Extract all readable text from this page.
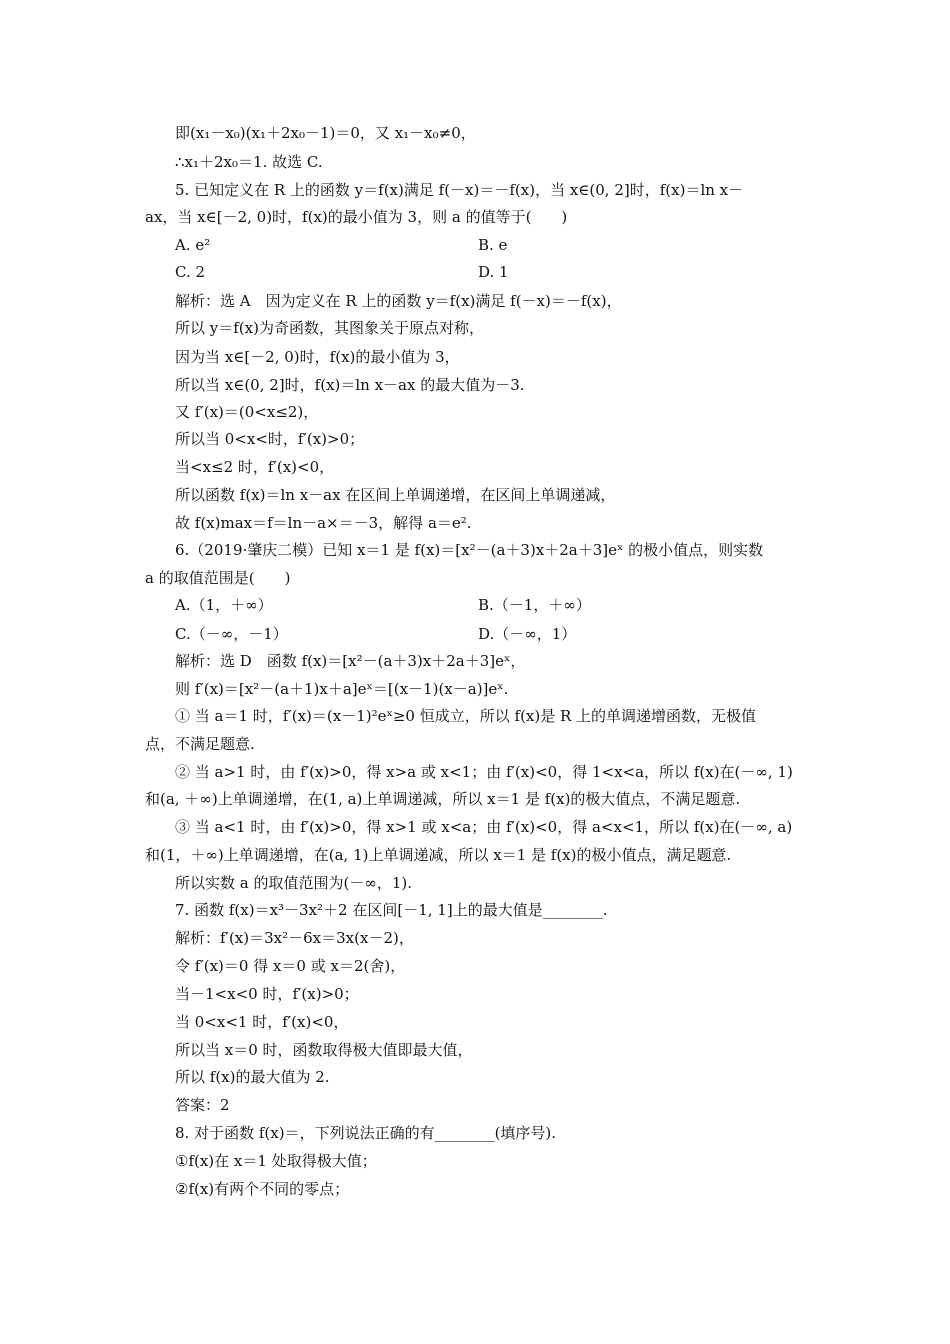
即(x₁－x₀)(x₁＋2x₀－1)＝0，又 x₁－x₀≠0，
∴x₁＋2x₀＝1. 故选 C.
5. 已知定义在 R 上的函数 y＝f(x)满足 f(－x)＝－f(x)，当 x∈(0, 2]时，f(x)＝ln x－
ax，当 x∈[－2, 0)时，f(x)的最小值为 3，则 a 的值等于(　　)
A. e²	B. e
C. 2	D. 1
解析：选 A　因为定义在 R 上的函数 y＝f(x)满足 f(－x)＝－f(x)，
所以 y＝f(x)为奇函数，其图象关于原点对称，
因为当 x∈[－2, 0)时，f(x)的最小值为 3，
所以当 x∈(0, 2]时，f(x)＝ln x－ax 的最大值为－3.
又 f′(x)＝(0<x≤2)，
所以当 0<x<时，f′(x)>0；
当<x≤2 时，f′(x)<0，
所以函数 f(x)＝ln x－ax 在区间上单调递增，在区间上单调递减，
故 f(x)max＝f＝ln－a×＝－3，解得 a＝e².
6.（2019·肇庆二模）已知 x＝1 是 f(x)＝[x²－(a＋3)x＋2a＋3]eˣ 的极小值点，则实数
a 的取值范围是(　　)
A.（1，＋∞）	B.（－1，＋∞）
C.（－∞，－1）	D.（－∞，1）
解析：选 D　函数 f(x)＝[x²－(a＋3)x＋2a＋3]eˣ，
则 f′(x)＝[x²－(a＋1)x＋a]eˣ＝[(x－1)(x－a)]eˣ.
① 当 a＝1 时，f′(x)＝(x－1)²eˣ≥0 恒成立，所以 f(x)是 R 上的单调递增函数，无极值
点，不满足题意.
② 当 a>1 时，由 f′(x)>0，得 x>a 或 x<1；由 f′(x)<0，得 1<x<a，所以 f(x)在(－∞, 1)
和(a, ＋∞)上单调递增，在(1, a)上单调递减，所以 x＝1 是 f(x)的极大值点，不满足题意.
③ 当 a<1 时，由 f′(x)>0，得 x>1 或 x<a；由 f′(x)<0，得 a<x<1，所以 f(x)在(－∞, a)
和(1，＋∞)上单调递增，在(a, 1)上单调递减，所以 x＝1 是 f(x)的极小值点，满足题意.
所以实数 a 的取值范围为(－∞，1).
7. 函数 f(x)＝x³－3x²＋2 在区间[－1, 1]上的最大值是________.
解析：f′(x)＝3x²－6x＝3x(x－2)，
令 f′(x)＝0 得 x＝0 或 x＝2(舍)，
当－1<x<0 时，f′(x)>0；
当 0<x<1 时，f′(x)<0，
所以当 x＝0 时，函数取得极大值即最大值，
所以 f(x)的最大值为 2.
答案：2
8. 对于函数 f(x)＝，下列说法正确的有________(填序号).
①f(x)在 x＝1 处取得极大值；
②f(x)有两个不同的零点；
